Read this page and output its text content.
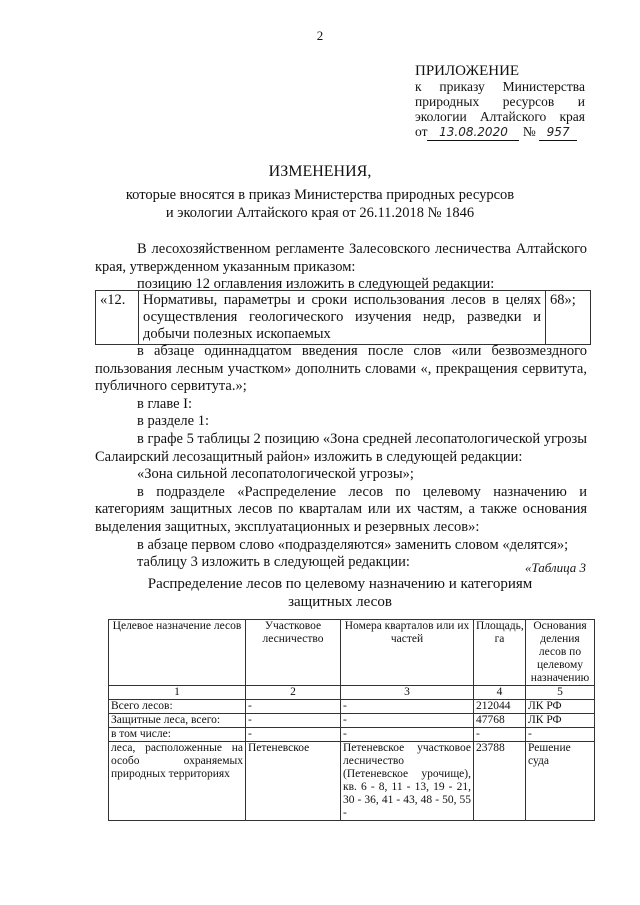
2
ПРИЛОЖЕНИЕ
к приказу Министерства
природных ресурсов и
экологии Алтайского края
от 13.08.2020 № 957
ИЗМЕНЕНИЯ,
которые вносятся в приказ Министерства природных ресурсов
и экологии Алтайского края от 26.11.2018 № 1846

В лесохозяйственном регламенте Залесовского лесничества Алтайского края, утвержденном указанным приказом:

позицию 12 оглавления изложить в следующей редакции:

«12.	Нормативы, параметры и сроки использования лесов в целях осуществления геологического изучения недр, разведки и добычи полезных ископаемых	68»;

в абзаце одиннадцатом введения после слов «или безвозмездного пользования лесным участком» дополнить словами «, прекращения сервитута, публичного сервитута.»;

в главе I:

в разделе 1:

в графе 5 таблицы 2 позицию «Зона средней лесопатологической угрозы Салаирский лесозащитный район» изложить в следующей редакции:

«Зона сильной лесопатологической угрозы»;

в подразделе «Распределение лесов по целевому назначению и категориям защитных лесов по кварталам или их частям, а также основания выделения защитных, эксплуатационных и резервных лесов»:

в абзаце первом слово «подразделяются» заменить словом «делятся»;

таблицу 3 изложить в следующей редакции:	«Таблица 3
Распределение лесов по целевому назначению и категориям
защитных лесов
Целевое назначение лесов	Участковое лесничество	Номера кварталов или их частей	Площадь, га	Основания деления лесов по целевому назначению
1	2	3	4	5
Всего лесов:	-	-	212044	ЛК РФ
Защитные леса, всего:	-	-	47768	ЛК РФ
в том числе:	-	-	-	-
леса, расположенные на особо охраняемых природных территориях	Петеневское	Петеневское участковое лесничество (Петеневское урочище), кв. 6 - 8, 11 - 13, 19 - 21, 30 - 36, 41 - 43, 48 - 50, 55 -	23788	Решение суда
